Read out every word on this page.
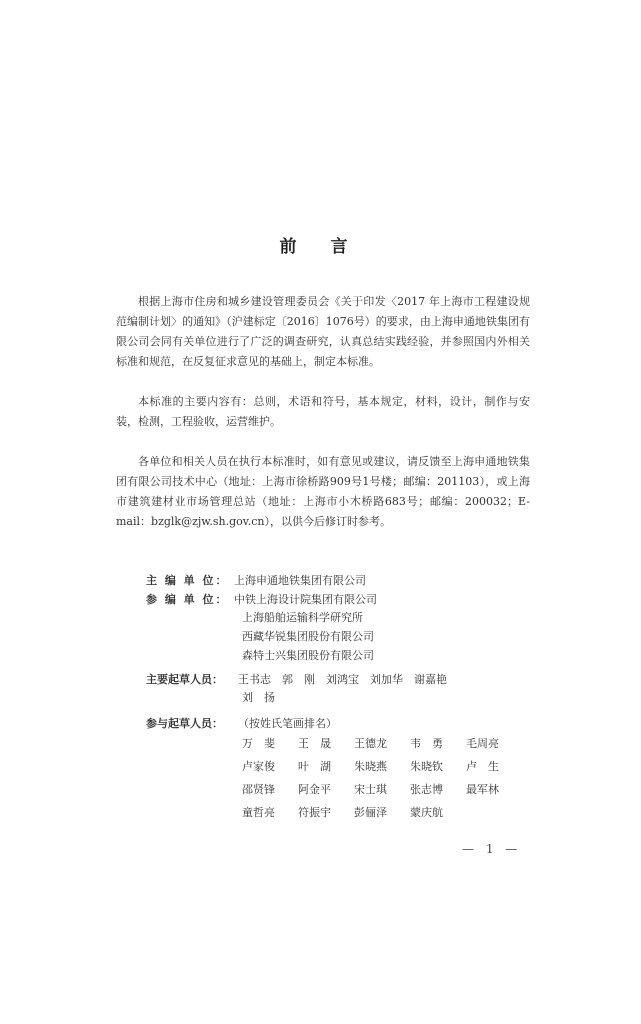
前 言
根据上海市住房和城乡建设管理委员会《关于印发〈2017 年上海市工程建设规范编制计划〉的通知》（沪建标定〔2016〕1076号）的要求，由上海申通地铁集团有限公司会同有关单位进行了广泛的调查研究，认真总结实践经验，并参照国内外相关标准和规范，在反复征求意见的基础上，制定本标准。
本标准的主要内容有：总则，术语和符号，基本规定，材料，设计，制作与安装，检测，工程验收，运营维护。
各单位和相关人员在执行本标准时，如有意见或建议，请反馈至上海申通地铁集团有限公司技术中心（地址：上海市徐桥路909号1号楼；邮编：201103），或上海市建筑建材业市场管理总站（地址：上海市小木桥路683号；邮编：200032；E-mail：bzglk@zjw.sh.gov.cn），以供今后修订时参考。
主 编 单 位： 上海申通地铁集团有限公司
参 编 单 位： 中铁上海设计院集团有限公司
上海船舶运输科学研究所
西藏华锐集团股份有限公司
森特士兴集团股份有限公司
主要起草人员：	王书志　郭　刚　刘鸿宝　刘加华　谢嘉艳
刘　扬
参与起草人员：	（按姓氏笔画排名）
万　斐	王　晟	王德龙	韦　勇	毛周亮
卢家俊	叶　湖	朱晓燕	朱晓钦	卢　生
邵贤锋	阿金平	宋士琪	张志博	最军林
童哲亮	符振宇	彭俪泽	蒙庆航
— 1 —
